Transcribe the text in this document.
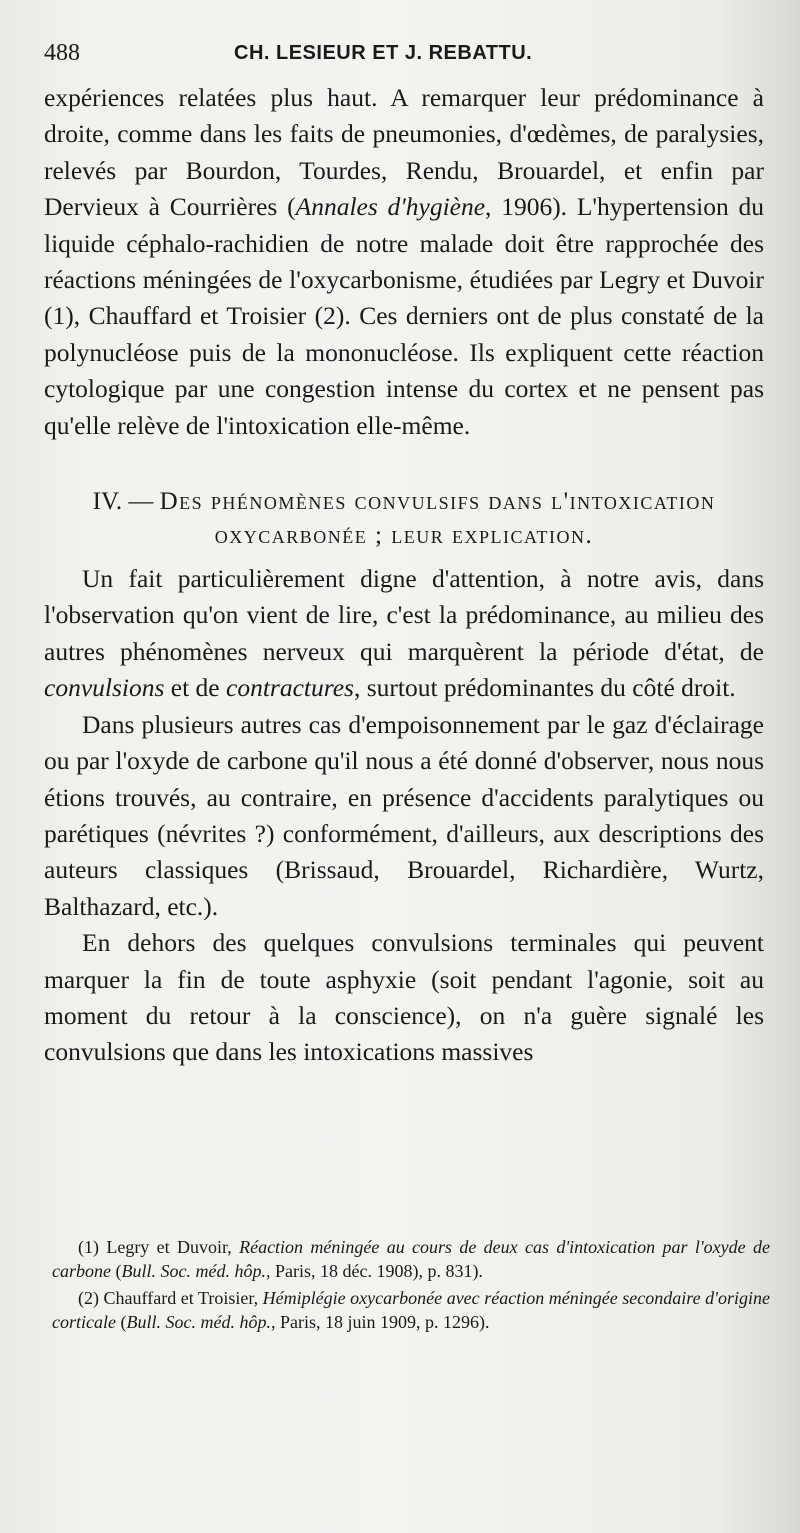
488	CH. LESIEUR ET J. REBATTU.

expériences relatées plus haut. A remarquer leur prédominance à droite, comme dans les faits de pneumonies, d'œdèmes, de paralysies, relevés par Bourdon, Tourdes, Rendu, Brouardel, et enfin par Dervieux à Courrières (Annales d'hygiène, 1906). L'hypertension du liquide céphalo-rachidien de notre malade doit être rapprochée des réactions méningées de l'oxycarbonisme, étudiées par Legry et Duvoir (1), Chauffard et Troisier (2). Ces derniers ont de plus constaté de la polynucléose puis de la mononucléose. Ils expliquent cette réaction cytologique par une congestion intense du cortex et ne pensent pas qu'elle relève de l'intoxication elle-même.

IV. — Des phénomènes convulsifs dans l'intoxication
oxycarbonée ; leur explication.

Un fait particulièrement digne d'attention, à notre avis, dans l'observation qu'on vient de lire, c'est la prédominance, au milieu des autres phénomènes nerveux qui marquèrent la période d'état, de convulsions et de contractures, surtout prédominantes du côté droit.

Dans plusieurs autres cas d'empoisonnement par le gaz d'éclairage ou par l'oxyde de carbone qu'il nous a été donné d'observer, nous nous étions trouvés, au contraire, en présence d'accidents paralytiques ou parétiques (névrites ?) conformément, d'ailleurs, aux descriptions des auteurs classiques (Brissaud, Brouardel, Richardière, Wurtz, Balthazard, etc.).

En dehors des quelques convulsions terminales qui peuvent marquer la fin de toute asphyxie (soit pendant l'agonie, soit au moment du retour à la conscience), on n'a guère signalé les convulsions que dans les intoxications massives

(1) Legry et Duvoir, Réaction méningée au cours de deux cas d'intoxication par l'oxyde de carbone (Bull. Soc. méd. hôp., Paris, 18 déc. 1908), p. 831).

(2) Chauffard et Troisier, Hémiplégie oxycarbonée avec réaction méningée secondaire d'origine corticale (Bull. Soc. méd. hôp., Paris, 18 juin 1909, p. 1296).
